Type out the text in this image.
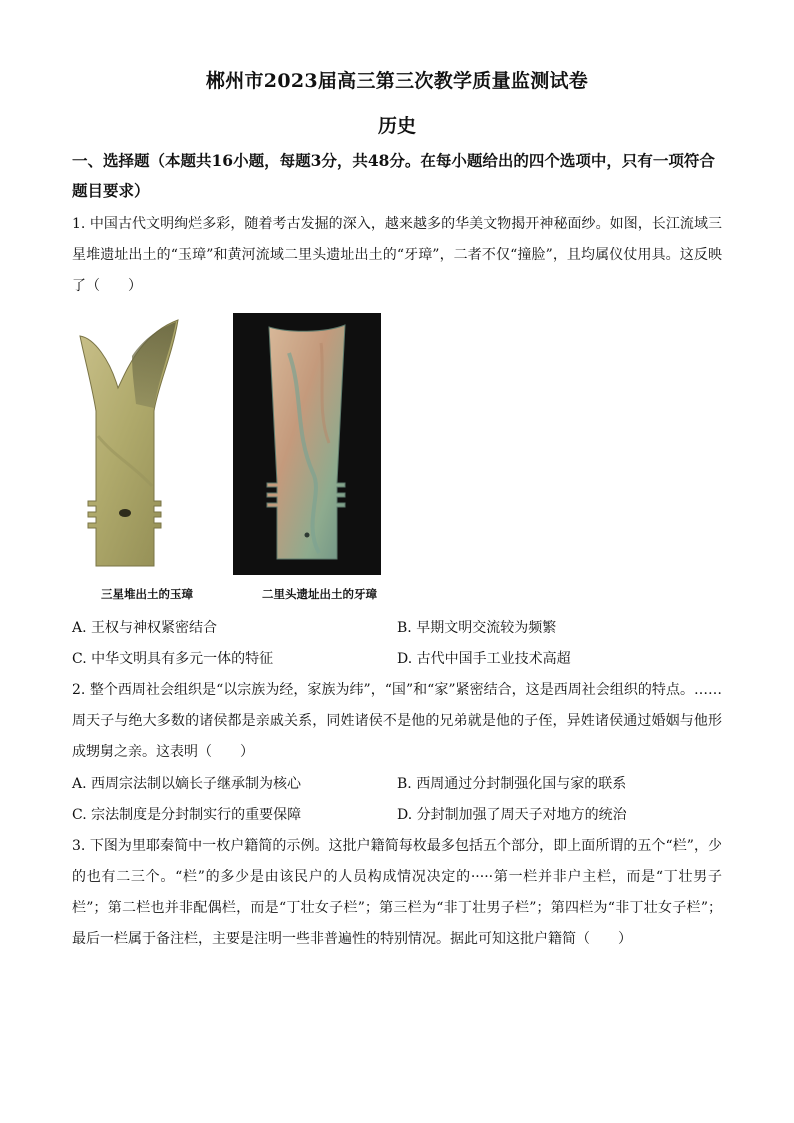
郴州市2023届高三第三次教学质量监测试卷
历史
一、选择题（本题共16小题，每题3分，共48分。在每小题给出的四个选项中，只有一项符合题目要求）
1. 中国古代文明绚烂多彩，随着考古发掘的深入，越来越多的华美文物揭开神秘面纱。如图，长江流域三星堆遗址出土的“玉璋”和黄河流域二里头遗址出土的“牙璋”，二者不仅“撞脸”，且均属仪仗用具。这反映了（　　）
三星堆出土的玉璋	二里头遗址出土的牙璋
A. 王权与神权紧密结合	B. 早期文明交流较为频繁
C. 中华文明具有多元一体的特征	D. 古代中国手工业技术高超
2. 整个西周社会组织是“以宗族为经，家族为纬”，“国”和“家”紧密结合，这是西周社会组织的特点。……周天子与绝大多数的诸侯都是亲戚关系，同姓诸侯不是他的兄弟就是他的子侄，异姓诸侯通过婚姻与他形成甥舅之亲。这表明（　　）
A. 西周宗法制以嫡长子继承制为核心	B. 西周通过分封制强化国与家的联系
C. 宗法制度是分封制实行的重要保障	D. 分封制加强了周天子对地方的统治
3. 下图为里耶秦简中一枚户籍简的示例。这批户籍简每枚最多包括五个部分，即上面所谓的五个“栏”，少的也有二三个。“栏”的多少是由该民户的人员构成情况决定的·····第一栏并非户主栏，而是“丁壮男子栏”；第二栏也并非配偶栏，而是“丁壮女子栏”；第三栏为“非丁壮男子栏”；第四栏为“非丁壮女子栏”；最后一栏属于备注栏，主要是注明一些非普遍性的特别情况。据此可知这批户籍简（　　）
